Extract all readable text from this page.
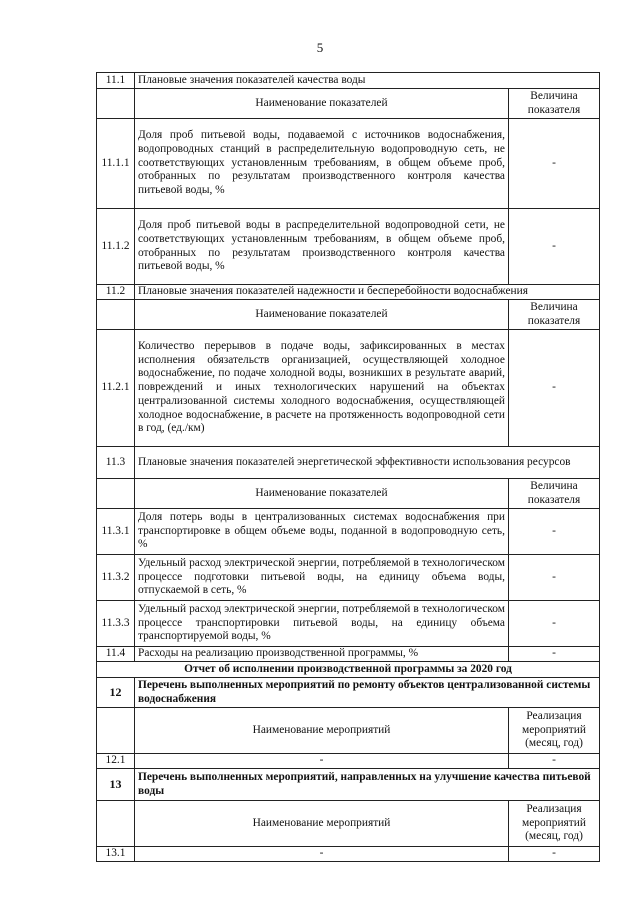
5
11.1	Плановые значения показателей качества воды	
	Наименование показателей	Величина показателя
11.1.1	Доля проб питьевой воды, подаваемой с источников водоснабжения, водопроводных станций в распределительную водопроводную сеть, не соответствующих установленным требованиям, в общем объеме проб, отобранных по результатам производственного контроля качества питьевой воды, %	-
11.1.2	Доля проб питьевой воды в распределительной водопроводной сети, не соответствующих установленным требованиям, в общем объеме проб, отобранных по результатам производственного контроля качества питьевой воды, %	-
11.2	Плановые значения показателей надежности и бесперебойности водоснабжения	
	Наименование показателей	Величина показателя
11.2.1	Количество перерывов в подаче воды, зафиксированных в местах исполнения обязательств организацией, осуществляющей холодное водоснабжение, по подаче холодной воды, возникших в результате аварий, повреждений и иных технологических нарушений на объектах централизованной системы холодного водоснабжения, осуществляющей холодное водоснабжение, в расчете на протяженность водопроводной сети в год, (ед./км)	-
11.3	Плановые значения показателей энергетической эффективности использования ресурсов	
	Наименование показателей	Величина показателя
11.3.1	Доля потерь воды в централизованных системах водоснабжения при транспортировке в общем объеме воды, поданной в водопроводную сеть, %	-
11.3.2	Удельный расход электрической энергии, потребляемой в технологическом процессе подготовки питьевой воды, на единицу объема воды, отпускаемой в сеть, %	-
11.3.3	Удельный расход электрической энергии, потребляемой в технологическом процессе транспортировки питьевой воды, на единицу объема транспортируемой воды, %	-
11.4	Расходы на реализацию производственной программы, %	-
Отчет об исполнении производственной программы за 2020 год		
12	Перечень выполненных мероприятий по ремонту объектов централизованной системы водоснабжения	
	Наименование мероприятий	Реализация мероприятий (месяц, год)
12.1	-	-
13	Перечень выполненных мероприятий, направленных на улучшение качества питьевой воды	
	Наименование мероприятий	Реализация мероприятий (месяц, год)
13.1	-	-
